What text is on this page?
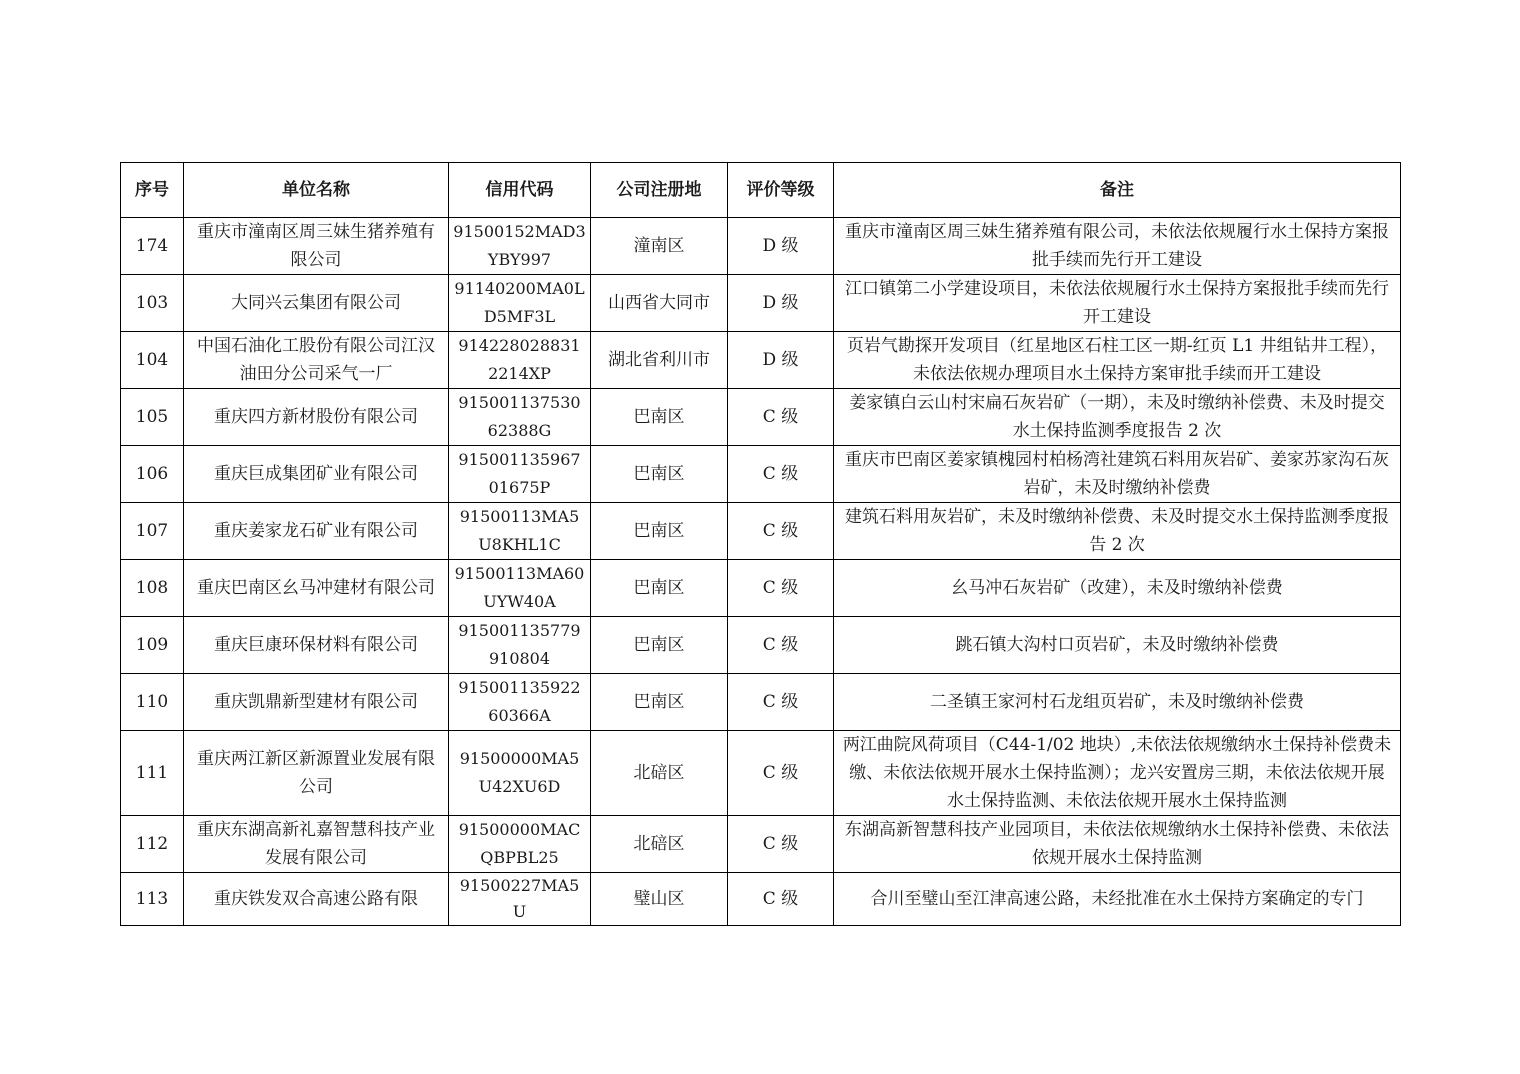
序号	单位名称	信用代码	公司注册地	评价等级	备注
174	重庆市潼南区周三妹生猪养殖有限公司	91500152MAD3YBY997	潼南区	D 级	重庆市潼南区周三妹生猪养殖有限公司，未依法依规履行水土保持方案报批手续而先行开工建设
103	大同兴云集团有限公司	91140200MA0LD5MF3L	山西省大同市	D 级	江口镇第二小学建设项目，未依法依规履行水土保持方案报批手续而先行开工建设
104	中国石油化工股份有限公司江汉油田分公司采气一厂	914228028831 2214XP	湖北省利川市	D 级	页岩气勘探开发项目（红星地区石柱工区一期-红页 L1 井组钻井工程），未依法依规办理项目水土保持方案审批手续而开工建设
105	重庆四方新材股份有限公司	915001137530 62388G	巴南区	C 级	姜家镇白云山村宋扁石灰岩矿（一期），未及时缴纳补偿费、未及时提交水土保持监测季度报告 2 次
106	重庆巨成集团矿业有限公司	915001135967 01675P	巴南区	C 级	重庆市巴南区姜家镇槐园村柏杨湾社建筑石料用灰岩矿、姜家苏家沟石灰岩矿，未及时缴纳补偿费
107	重庆姜家龙石矿业有限公司	91500113MA5U8KHL1C	巴南区	C 级	建筑石料用灰岩矿，未及时缴纳补偿费、未及时提交水土保持监测季度报告 2 次
108	重庆巴南区幺马冲建材有限公司	91500113MA60UYW40A	巴南区	C 级	幺马冲石灰岩矿（改建），未及时缴纳补偿费
109	重庆巨康环保材料有限公司	915001135779 910804	巴南区	C 级	跳石镇大沟村口页岩矿，未及时缴纳补偿费
110	重庆凯鼎新型建材有限公司	915001135922 60366A	巴南区	C 级	二圣镇王家河村石龙组页岩矿，未及时缴纳补偿费
111	重庆两江新区新源置业发展有限公司	91500000MA5U42XU6D	北碚区	C 级	两江曲院风荷项目（C44-1/02 地块）,未依法依规缴纳水土保持补偿费未缴、未依法依规开展水土保持监测）；龙兴安置房三期，未依法依规开展水土保持监测、未依法依规开展水土保持监测
112	重庆东湖高新礼嘉智慧科技产业发展有限公司	91500000MACQBPBL25	北碚区	C 级	东湖高新智慧科技产业园项目，未依法依规缴纳水土保持补偿费、未依法依规开展水土保持监测
113	重庆铁发双合高速公路有限	91500227MA5U	璧山区	C 级	合川至璧山至江津高速公路，未经批准在水土保持方案确定的专门
